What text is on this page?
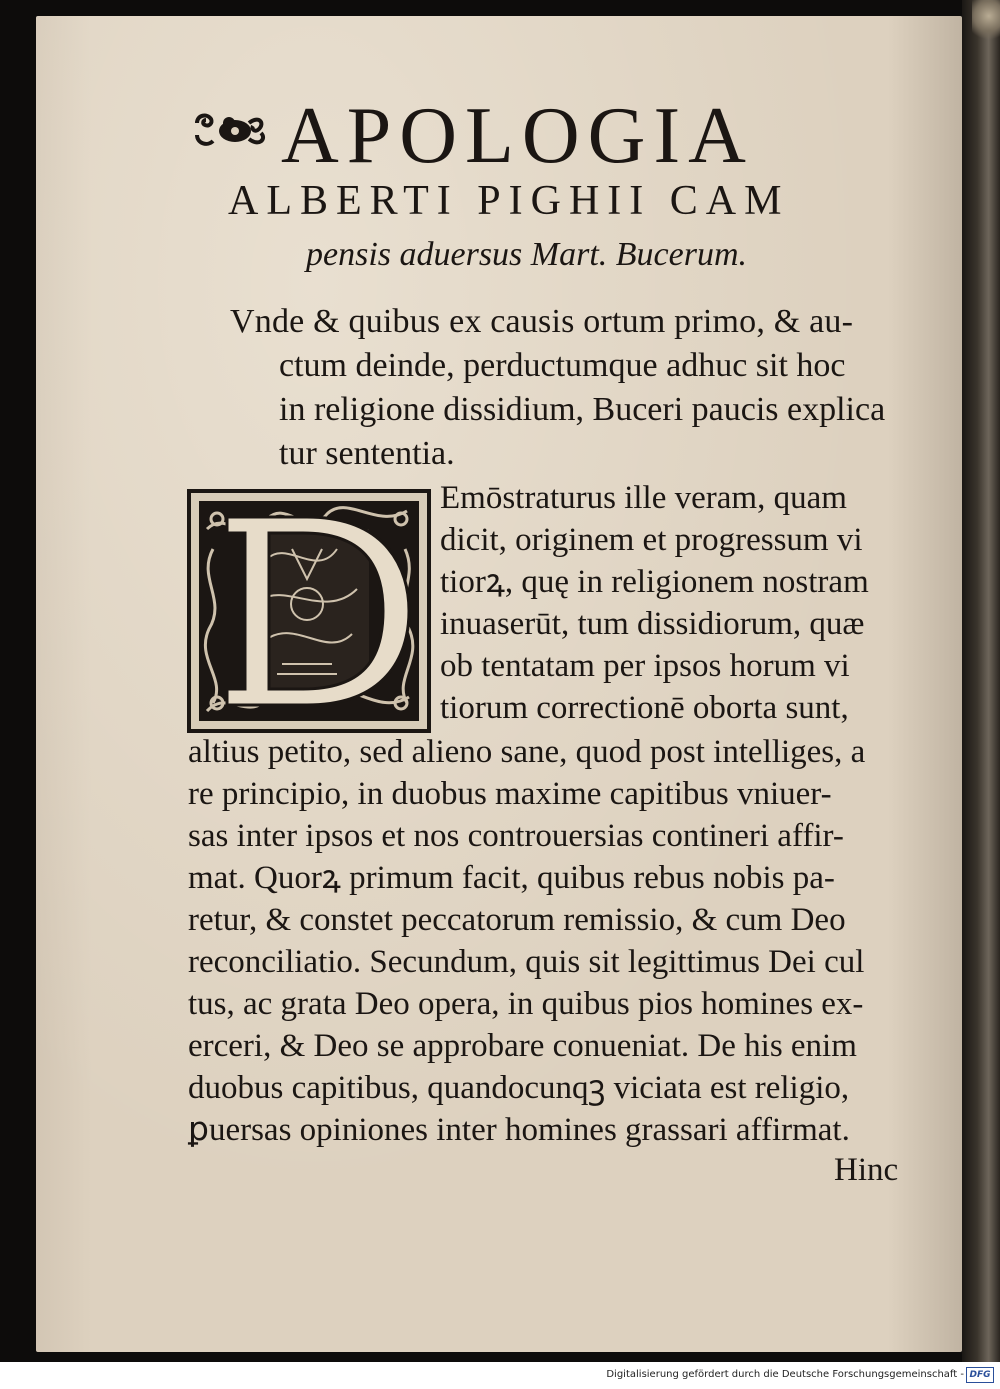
APOLOGIA

ALBERTI PIGHII CAM

pensis aduersus Mart. Bucerum.

Vnde & quibus ex causis ortum primo, & au-

ctum deinde, perductumque adhuc sit hoc

in religione dissidium, Buceri paucis explica

tur sententia.

Emōstraturus ille veram, quam

dicit, originem et progressum vi

tiorꝝ, quę in religionem nostram

inuaserūt, tum dissidiorum, quæ

ob tentatam per ipsos horum vi

tiorum correctionē oborta sunt,

altius petito, sed alieno sane, quod post intelliges, a

re principio, in duobus maxime capitibus vniuer-

sas inter ipsos et nos controuersias contineri affir-

mat. Quorꝝ primum facit, quibus rebus nobis pa-

retur, & constet peccatorum remissio, & cum Deo

reconciliatio. Secundum, quis sit legittimus Dei cul

tus, ac grata Deo opera, in quibus pios homines ex-

erceri, & Deo se approbare conueniat. De his enim

duobus capitibus, quandocunqꝫ viciata est religio,

ꝑuersas opiniones inter homines grassari affirmat.

Hinc

Digitalisierung gefördert durch die Deutsche Forschungsgemeinschaft - DFG
